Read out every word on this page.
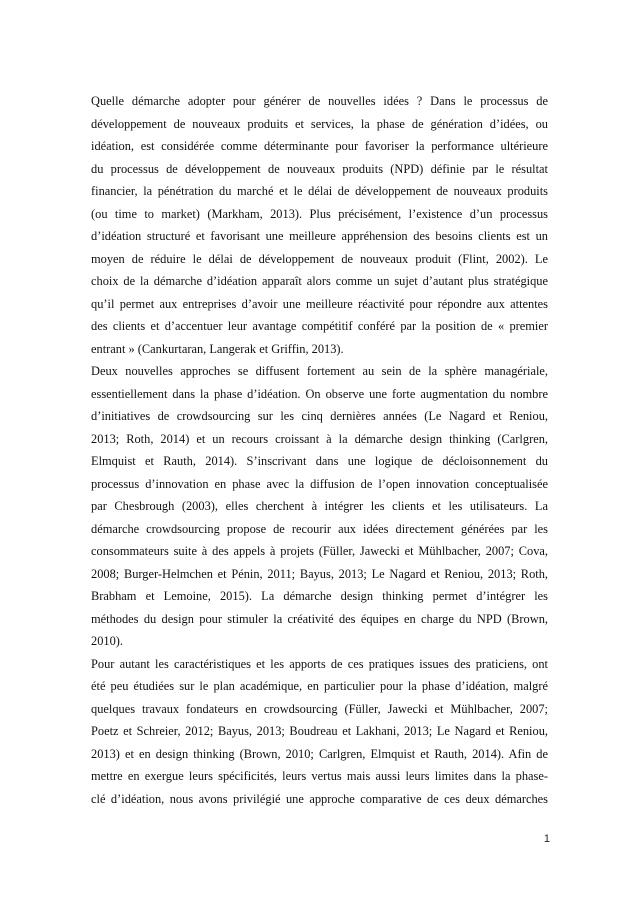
Quelle démarche adopter pour générer de nouvelles idées ? Dans le processus de
développement de nouveaux produits et services, la phase de génération d’idées, ou
idéation, est considérée comme déterminante pour favoriser la performance ultérieure
du processus de développement de nouveaux produits (NPD) définie par le résultat
financier, la pénétration du marché et le délai de développement de nouveaux produits
(ou time to market) (Markham, 2013). Plus précisément, l’existence d’un processus
d’idéation structuré et favorisant une meilleure appréhension des besoins clients est un
moyen de réduire le délai de développement de nouveaux produit (Flint, 2002). Le
choix de la démarche d’idéation apparaît alors comme un sujet d’autant plus stratégique
qu’il permet aux entreprises d’avoir une meilleure réactivité pour répondre aux attentes
des clients et d’accentuer leur avantage compétitif conféré par la position de « premier
entrant » (Cankurtaran, Langerak et Griffin, 2013).
Deux nouvelles approches se diffusent fortement au sein de la sphère managériale,
essentiellement dans la phase d’idéation. On observe une forte augmentation du nombre
d’initiatives de crowdsourcing sur les cinq dernières années (Le Nagard et Reniou,
2013; Roth, 2014) et un recours croissant à la démarche design thinking (Carlgren,
Elmquist et Rauth, 2014). S’inscrivant dans une logique de décloisonnement du
processus d’innovation en phase avec la diffusion de l’open innovation conceptualisée
par Chesbrough (2003), elles cherchent à intégrer les clients et les utilisateurs. La
démarche crowdsourcing propose de recourir aux idées directement générées par les
consommateurs suite à des appels à projets (Füller, Jawecki et Mühlbacher, 2007; Cova,
2008; Burger-Helmchen et Pénin, 2011; Bayus, 2013; Le Nagard et Reniou, 2013; Roth,
Brabham et Lemoine, 2015). La démarche design thinking permet d’intégrer les
méthodes du design pour stimuler la créativité des équipes en charge du NPD (Brown,
2010).
Pour autant les caractéristiques et les apports de ces pratiques issues des praticiens, ont
été peu étudiées sur le plan académique, en particulier pour la phase d’idéation, malgré
quelques travaux fondateurs en crowdsourcing (Füller, Jawecki et Mühlbacher, 2007;
Poetz et Schreier, 2012; Bayus, 2013; Boudreau et Lakhani, 2013; Le Nagard et Reniou,
2013) et en design thinking (Brown, 2010; Carlgren, Elmquist et Rauth, 2014). Afin de
mettre en exergue leurs spécificités, leurs vertus mais aussi leurs limites dans la phase-
clé d’idéation, nous avons privilégié une approche comparative de ces deux démarches
1
